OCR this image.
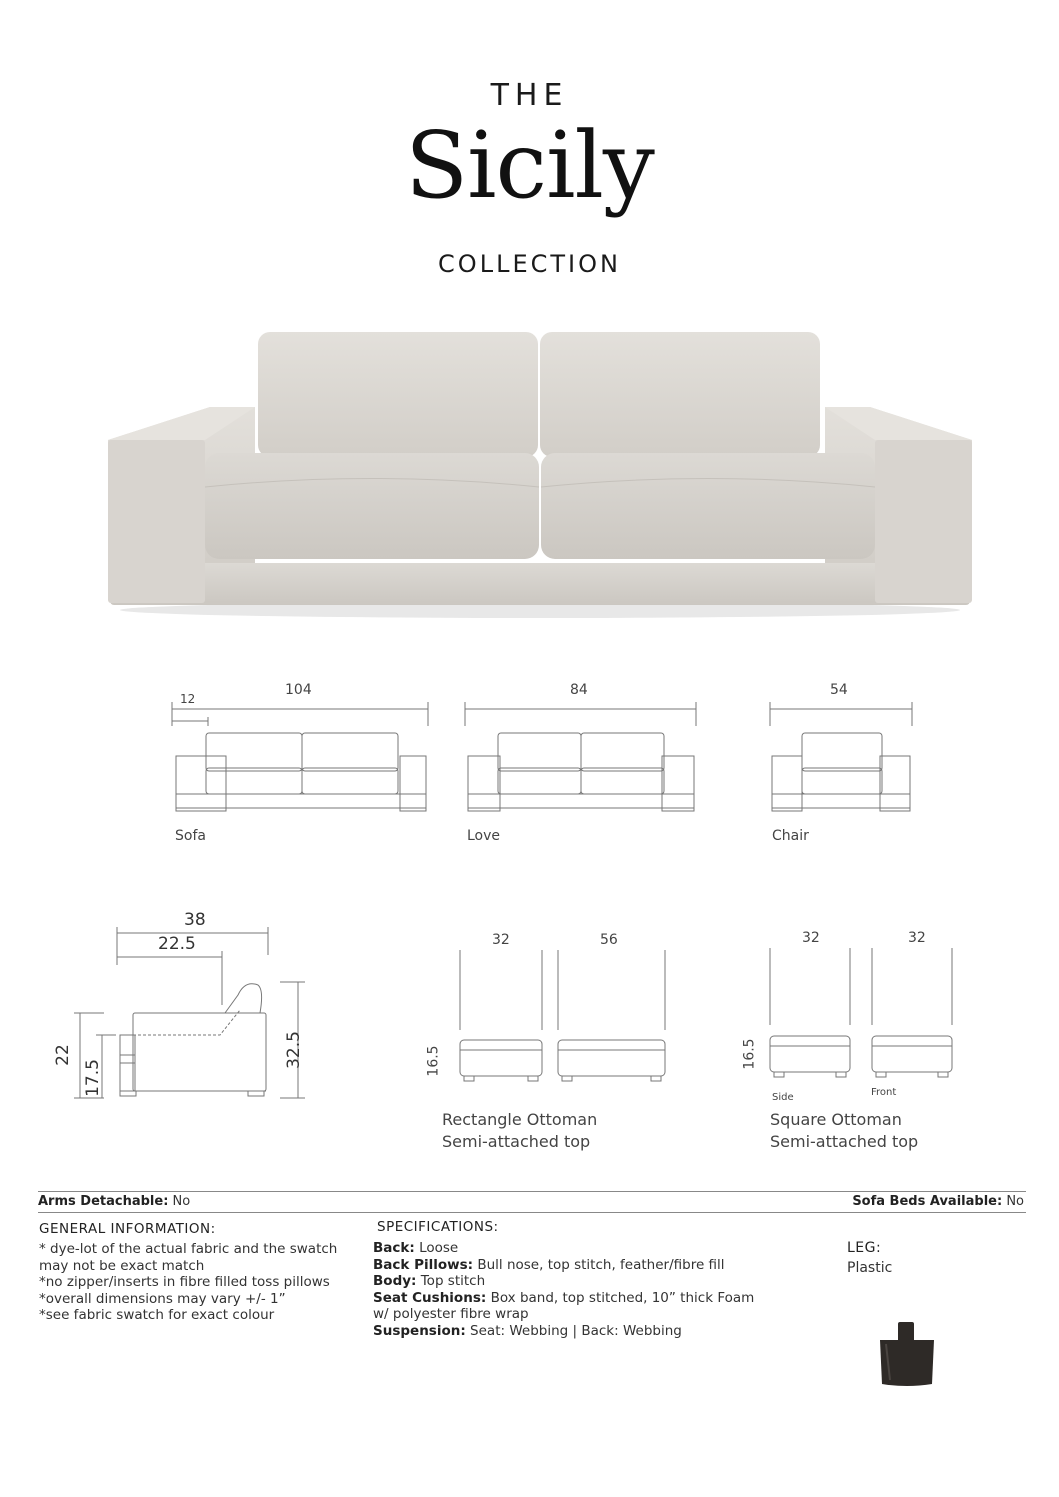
THE
Sicily
COLLECTION
104
12
84	54
Sofa	Love	Chair
38
22.5
22
17.5
32.5
32	56
16.5
Rectangle Ottoman
Semi-attached top
32	32
16.5
Side	Front
Square Ottoman
Semi-attached top
Arms Detachable: No	Sofa Beds Available: No
GENERAL INFORMATION:
* dye-lot of the actual fabric and the swatch
may not be exact match
*no zipper/inserts in fibre filled toss pillows
*overall dimensions may vary +/- 1”
*see fabric swatch for exact colour
SPECIFICATIONS:
Back: Loose
Back Pillows: Bull nose, top stitch, feather/fibre fill
Body: Top stitch
Seat Cushions: Box band, top stitched, 10” thick Foam
w/ polyester fibre wrap
Suspension: Seat: Webbing | Back: Webbing
LEG:
Plastic
